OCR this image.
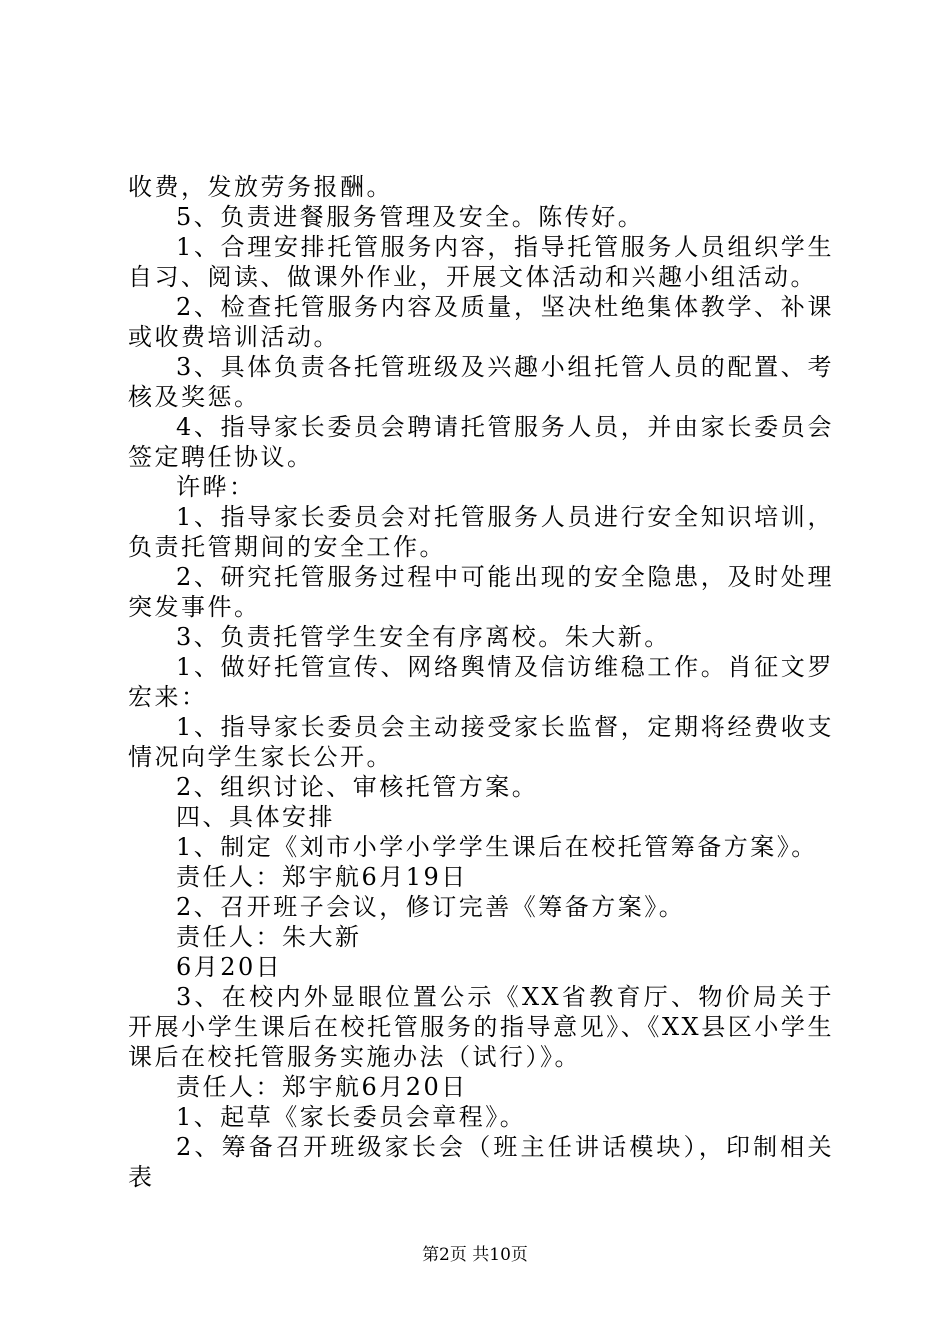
收费，发放劳务报酬。

5、负责进餐服务管理及安全。陈传好。

1、合理安排托管服务内容，指导托管服务人员组织学生自习、阅读、做课外作业，开展文体活动和兴趣小组活动。

2、检查托管服务内容及质量，坚决杜绝集体教学、补课或收费培训活动。

3、具体负责各托管班级及兴趣小组托管人员的配置、考核及奖惩。

4、指导家长委员会聘请托管服务人员，并由家长委员会签定聘任协议。

许晔：

1、指导家长委员会对托管服务人员进行安全知识培训，负责托管期间的安全工作。

2、研究托管服务过程中可能出现的安全隐患，及时处理突发事件。

3、负责托管学生安全有序离校。朱大新。

1、做好托管宣传、网络舆情及信访维稳工作。肖征文罗宏来：

1、指导家长委员会主动接受家长监督，定期将经费收支情况向学生家长公开。

2、组织讨论、审核托管方案。

四、具体安排

1、制定《刘市小学小学学生课后在校托管筹备方案》。

责任人：郑宇航6月19日

2、召开班子会议，修订完善《筹备方案》。

责任人：朱大新

6月20日

3、在校内外显眼位置公示《XX省教育厅、物价局关于开展小学生课后在校托管服务的指导意见》、《XX县区小学生课后在校托管服务实施办法（试行）》。

责任人：郑宇航6月20日

1、起草《家长委员会章程》。

2、筹备召开班级家长会（班主任讲话模块），印制相关表

第2页 共10页
